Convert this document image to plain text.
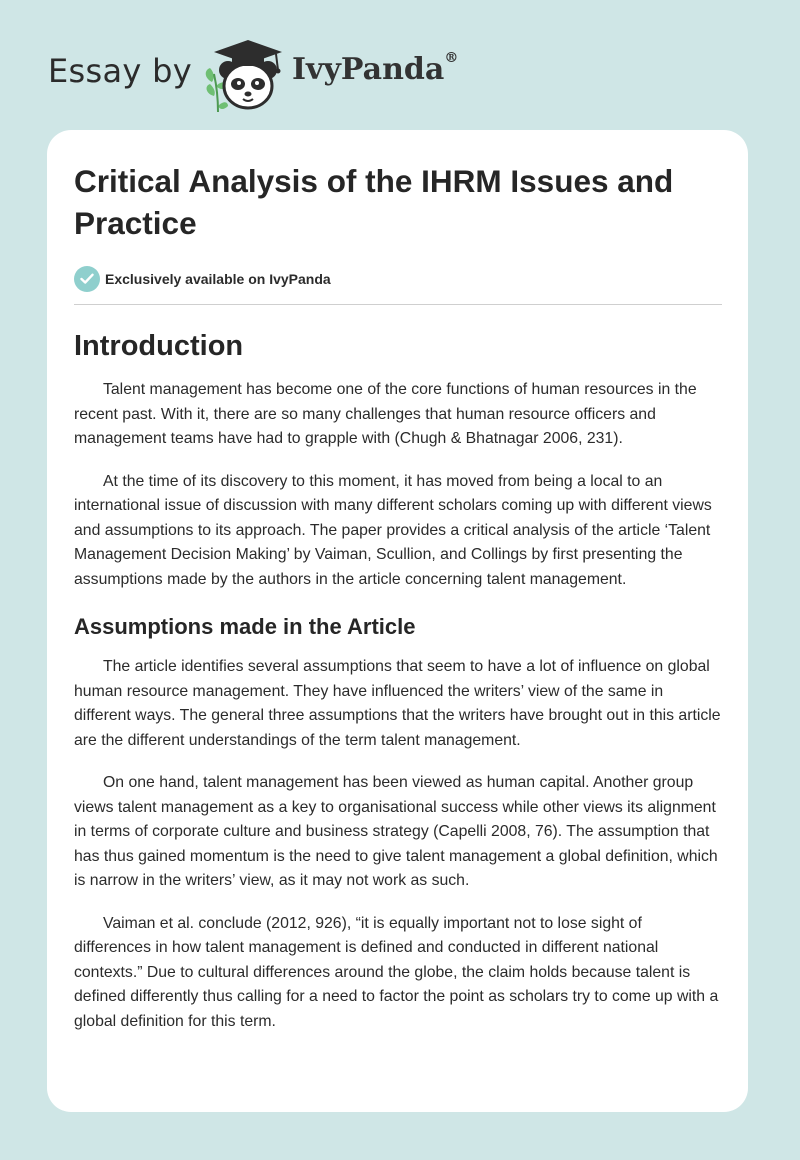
Essay by	IvyPanda®
Critical Analysis of the IHRM Issues and Practice
Exclusively available on IvyPanda
Introduction

Talent management has become one of the core functions of human resources in the recent past. With it, there are so many challenges that human resource officers and management teams have had to grapple with (Chugh & Bhatnagar 2006, 231).

At the time of its discovery to this moment, it has moved from being a local to an international issue of discussion with many different scholars coming up with different views and assumptions to its approach. The paper provides a critical analysis of the article ‘Talent Management Decision Making’ by Vaiman, Scullion, and Collings by first presenting the assumptions made by the authors in the article concerning talent management.

Assumptions made in the Article

The article identifies several assumptions that seem to have a lot of influence on global human resource management. They have influenced the writers’ view of the same in different ways. The general three assumptions that the writers have brought out in this article are the different understandings of the term talent management.

On one hand, talent management has been viewed as human capital. Another group views talent management as a key to organisational success while other views its alignment in terms of corporate culture and business strategy (Capelli 2008, 76). The assumption that has thus gained momentum is the need to give talent management a global definition, which is narrow in the writers’ view, as it may not work as such.

Vaiman et al. conclude (2012, 926), “it is equally important not to lose sight of differences in how talent management is defined and conducted in different national contexts.” Due to cultural differences around the globe, the claim holds because talent is defined differently thus calling for a need to factor the point as scholars try to come up with a global definition for this term.
